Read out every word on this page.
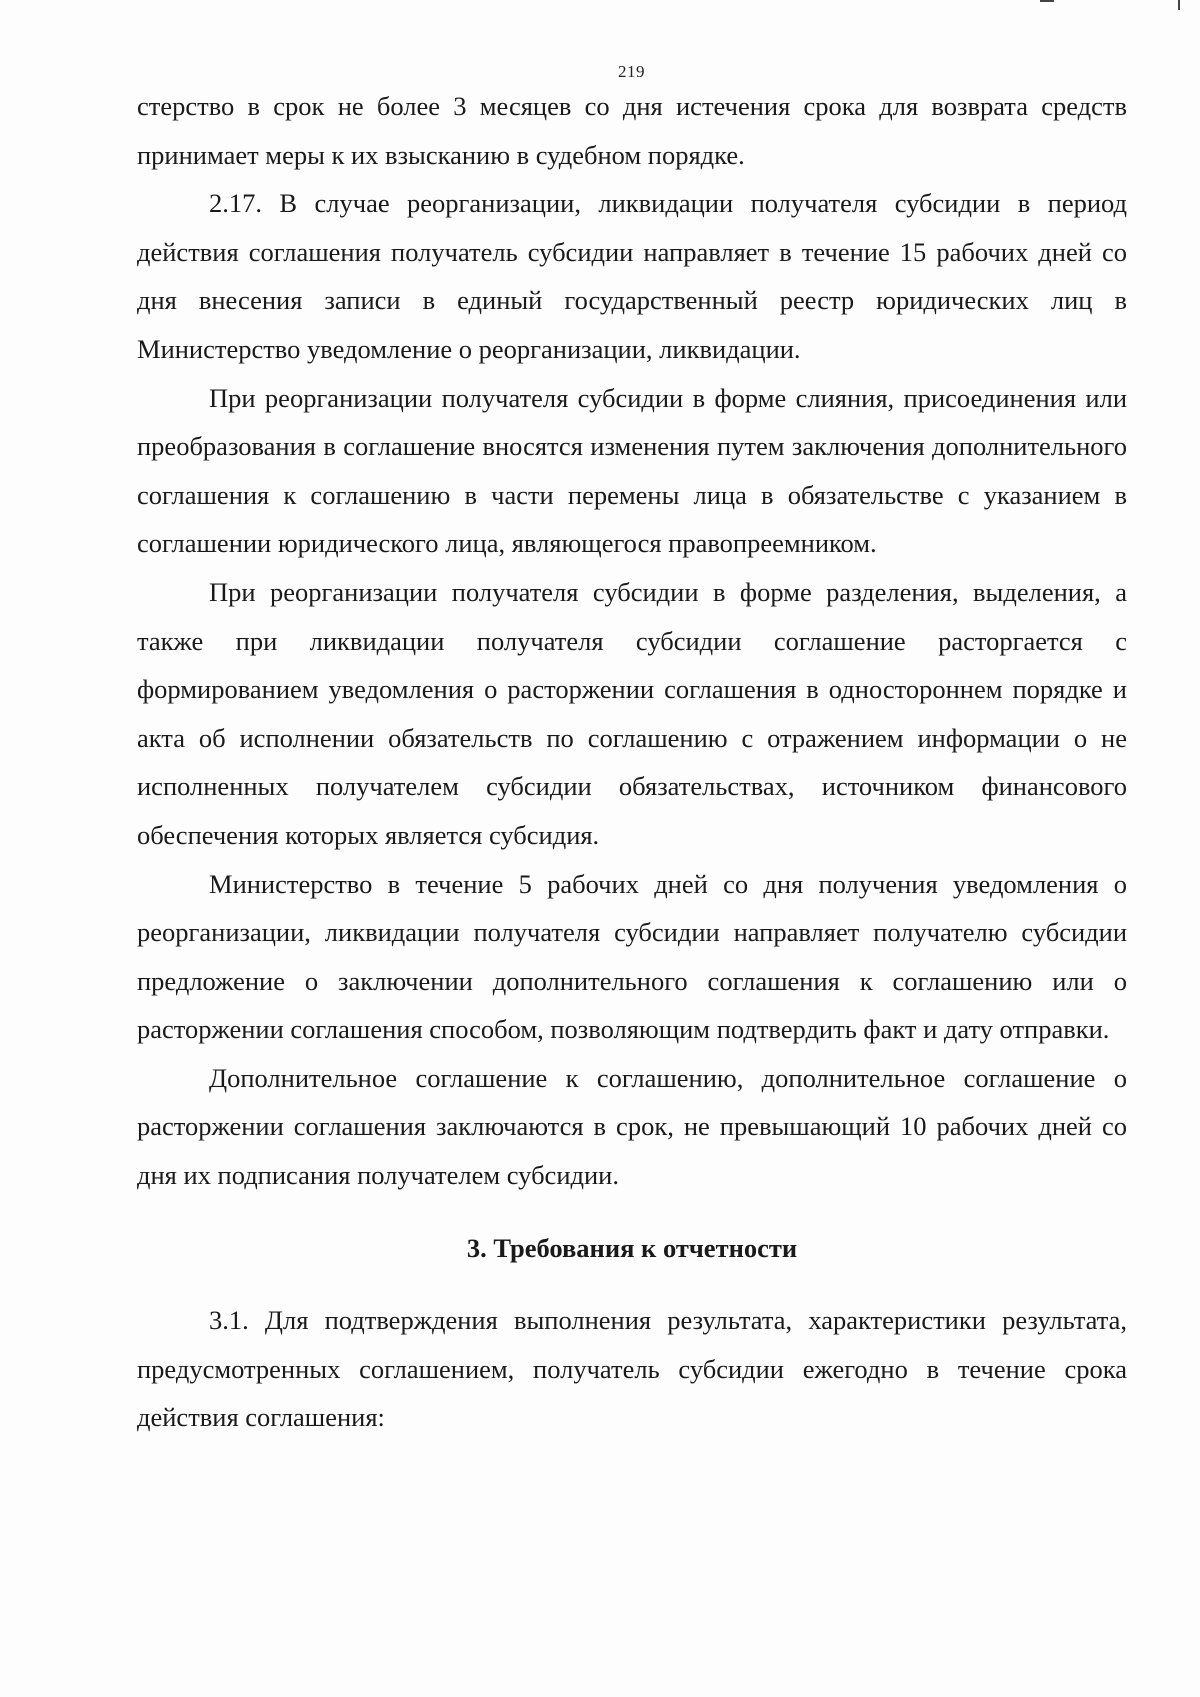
219

стерство в срок не более 3 месяцев со дня истечения срока для возврата средств принимает меры к их взысканию в судебном порядке.

2.17. В случае реорганизации, ликвидации получателя субсидии в период действия соглашения получатель субсидии направляет в течение 15 рабочих дней со дня внесения записи в единый государственный реестр юридических лиц в Министерство уведомление о реорганизации, ликвидации.

При реорганизации получателя субсидии в форме слияния, присоединения или преобразования в соглашение вносятся изменения путем заключения дополнительного соглашения к соглашению в части перемены лица в обязательстве с указанием в соглашении юридического лица, являющегося правопреемником.

При реорганизации получателя субсидии в форме разделения, выделения, а также при ликвидации получателя субсидии соглашение расторгается с формированием уведомления о расторжении соглашения в одностороннем порядке и акта об исполнении обязательств по соглашению с отражением информации о не исполненных получателем субсидии обязательствах, источником финансового обеспечения которых является субсидия.

Министерство в течение 5 рабочих дней со дня получения уведомления о реорганизации, ликвидации получателя субсидии направляет получателю субсидии предложение о заключении дополнительного соглашения к соглашению или о расторжении соглашения способом, позволяющим подтвердить факт и дату отправки.

Дополнительное соглашение к соглашению, дополнительное соглашение о расторжении соглашения заключаются в срок, не превышающий 10 рабочих дней со дня их подписания получателем субсидии.

3. Требования к отчетности

3.1. Для подтверждения выполнения результата, характеристики результата, предусмотренных соглашением, получатель субсидии ежегодно в течение срока действия соглашения:
